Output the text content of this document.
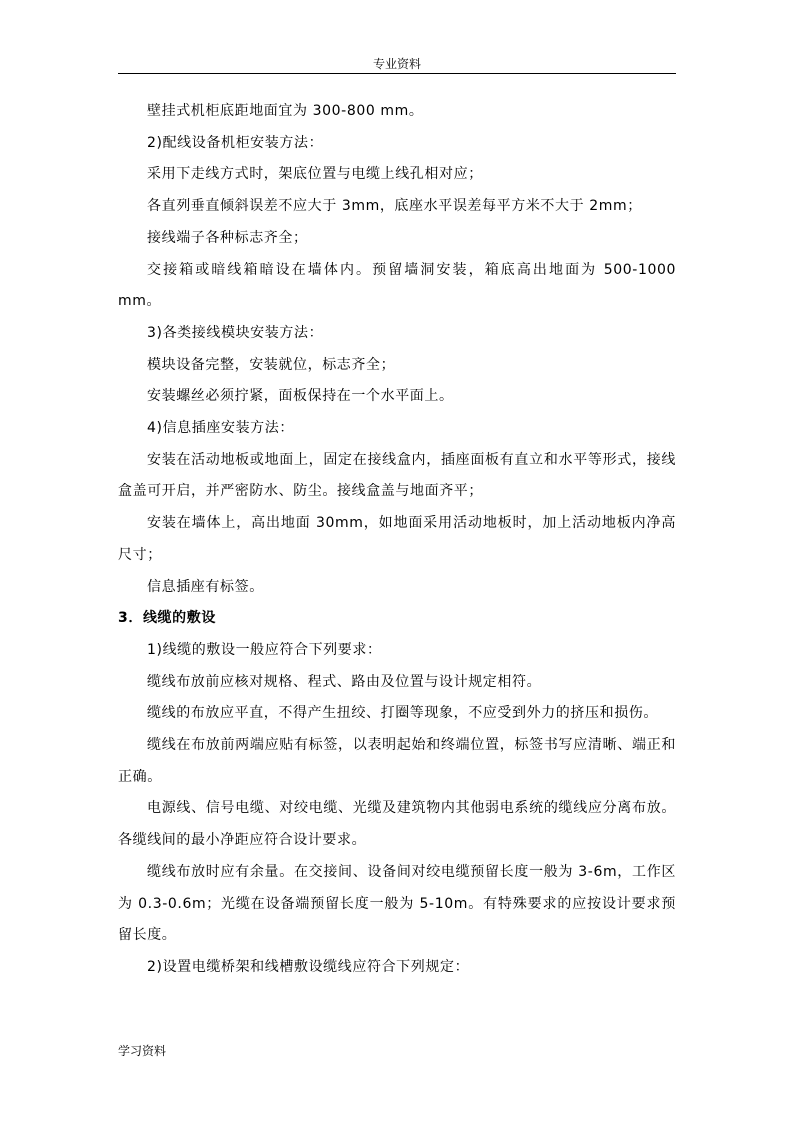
专业资料

壁挂式机柜底距地面宜为 300-800 mm。

2)配线设备机柜安装方法：

采用下走线方式时，架底位置与电缆上线孔相对应；

各直列垂直倾斜误差不应大于 3mm，底座水平误差每平方米不大于 2mm；

接线端子各种标志齐全；

交接箱或暗线箱暗设在墙体内。预留墙洞安装，箱底高出地面为 500-1000 mm。

3)各类接线模块安装方法：

模块设备完整，安装就位，标志齐全；

安装螺丝必须拧紧，面板保持在一个水平面上。

4)信息插座安装方法：

安装在活动地板或地面上，固定在接线盒内，插座面板有直立和水平等形式，接线盒盖可开启，并严密防水、防尘。接线盒盖与地面齐平；

安装在墙体上，高出地面 30mm，如地面采用活动地板时，加上活动地板内净高尺寸；

信息插座有标签。

3．线缆的敷设

1)线缆的敷设一般应符合下列要求：

缆线布放前应核对规格、程式、路由及位置与设计规定相符。

缆线的布放应平直，不得产生扭绞、打圈等现象，不应受到外力的挤压和损伤。

缆线在布放前两端应贴有标签，以表明起始和终端位置，标签书写应清晰、端正和正确。

电源线、信号电缆、对绞电缆、光缆及建筑物内其他弱电系统的缆线应分离布放。各缆线间的最小净距应符合设计要求。

缆线布放时应有余量。在交接间、设备间对绞电缆预留长度一般为 3-6m，工作区为 0.3-0.6m；光缆在设备端预留长度一般为 5-10m。有特殊要求的应按设计要求预留长度。

2)设置电缆桥架和线槽敷设缆线应符合下列规定：

学习资料
